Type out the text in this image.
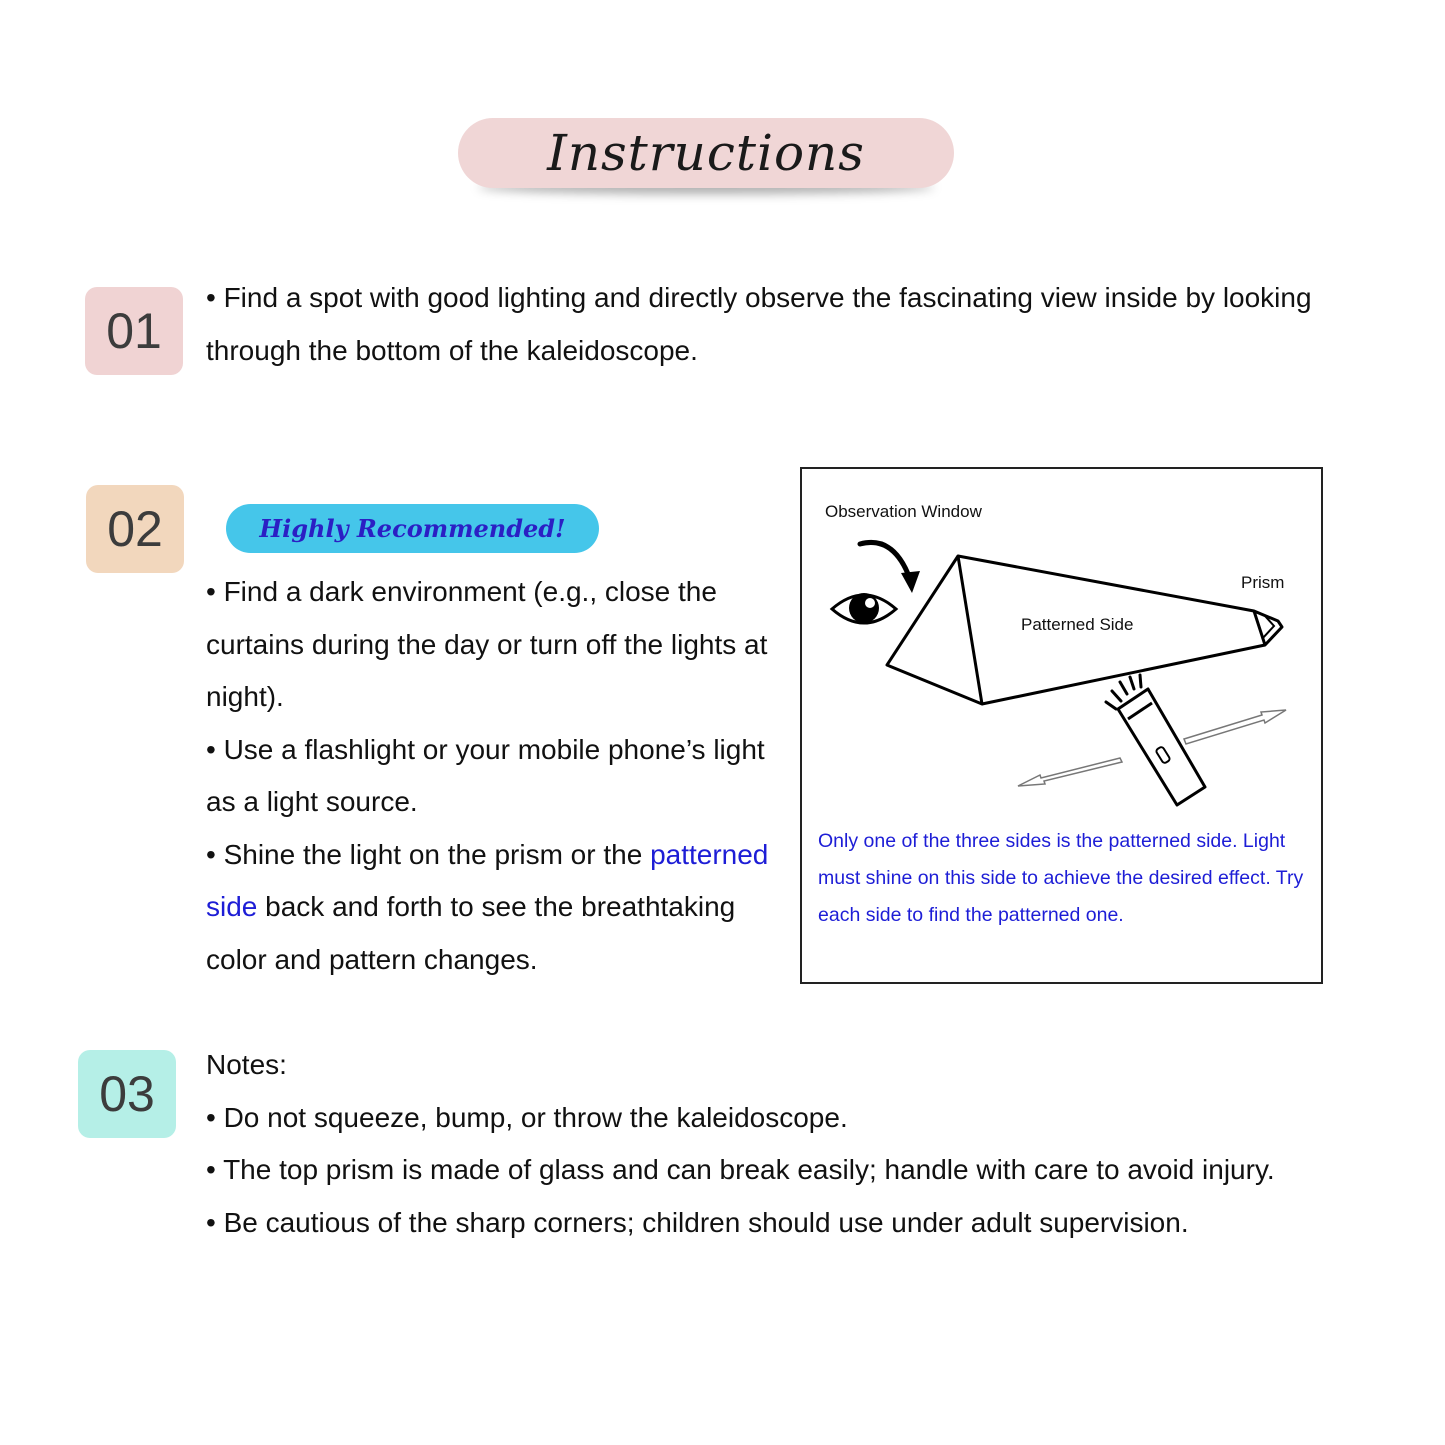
Instructions
01

• Find a spot with good lighting and directly observe the fascinating view inside by looking through the bottom of the kaleidoscope.

02	Highly Recommended!

• Find a dark environment (e.g., close the curtains during the day or turn off the lights at night).

• Use a flashlight or your mobile phone’s light as a light source.

• Shine the light on the prism or the patterned side back and forth to see the breathtaking color and pattern changes.

Observation Window
Prism
Patterned Side
Only one of the three sides is the patterned side. Light must shine on this side to achieve the desired effect. Try each side to find the patterned one.
03

Notes:

• Do not squeeze, bump, or throw the kaleidoscope.

• The top prism is made of glass and can break easily; handle with care to avoid injury.

• Be cautious of the sharp corners; children should use under adult supervision.
